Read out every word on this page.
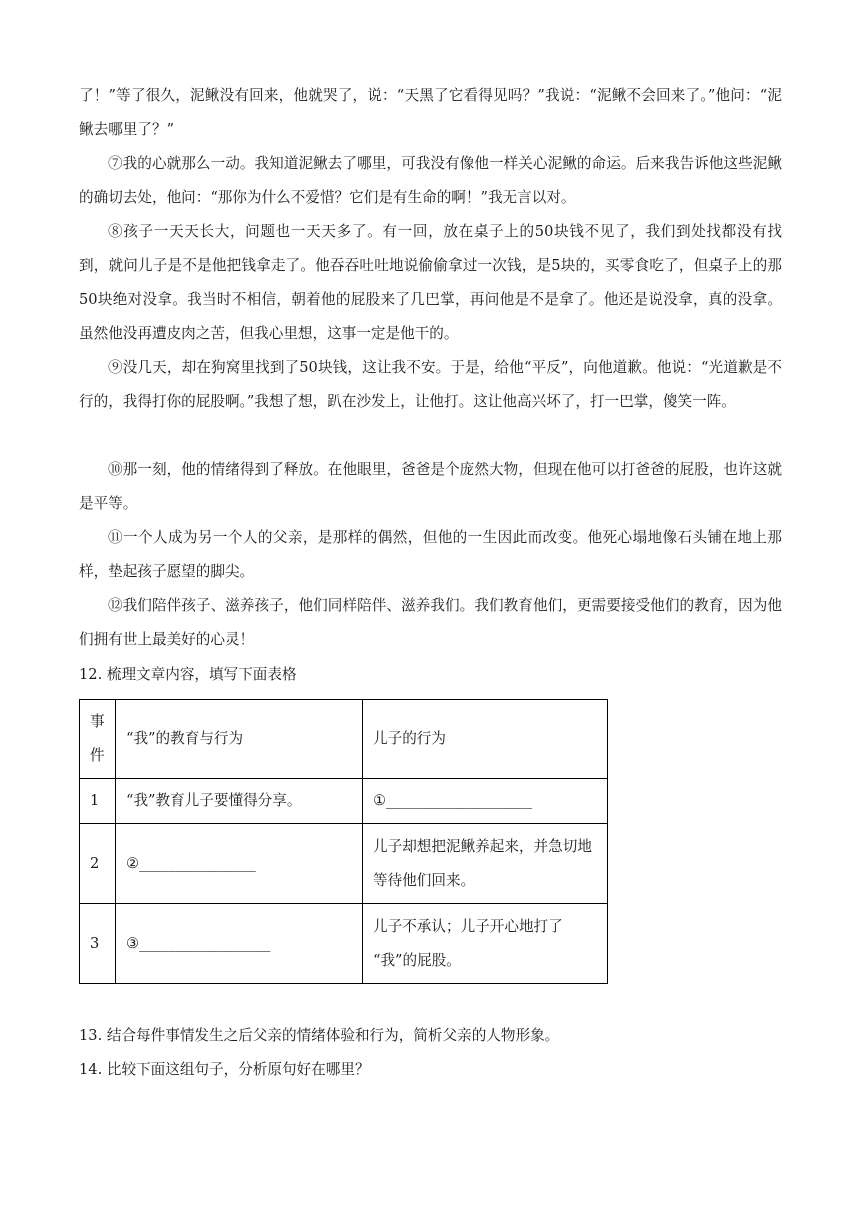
了！”等了很久，泥鳅没有回来，他就哭了，说：“天黑了它看得见吗？”我说：“泥鳅不会回来了。”他问：“泥鳅去哪里了？”

⑦我的心就那么一动。我知道泥鳅去了哪里，可我没有像他一样关心泥鳅的命运。后来我告诉他这些泥鳅的确切去处，他问：“那你为什么不爱惜？它们是有生命的啊！”我无言以对。

⑧孩子一天天长大，问题也一天天多了。有一回，放在桌子上的50块钱不见了，我们到处找都没有找到，就问儿子是不是他把钱拿走了。他吞吞吐吐地说偷偷拿过一次钱，是5块的，买零食吃了，但桌子上的那50块绝对没拿。我当时不相信，朝着他的屁股来了几巴掌，再问他是不是拿了。他还是说没拿，真的没拿。虽然他没再遭皮肉之苦，但我心里想，这事一定是他干的。

⑨没几天，却在狗窝里找到了50块钱，这让我不安。于是，给他“平反”，向他道歉。他说：“光道歉是不行的，我得打你的屁股啊。”我想了想，趴在沙发上，让他打。这让他高兴坏了，打一巴掌，傻笑一阵。

⑩那一刻，他的情绪得到了释放。在他眼里，爸爸是个庞然大物，但现在他可以打爸爸的屁股，也许这就是平等。

⑪一个人成为另一个人的父亲，是那样的偶然，但他的一生因此而改变。他死心塌地像石头铺在地上那样，垫起孩子愿望的脚尖。

⑫我们陪伴孩子、滋养孩子，他们同样陪伴、滋养我们。我们教育他们，更需要接受他们的教育，因为他们拥有世上最美好的心灵！

12. 梳理文章内容，填写下面表格

事
件	“我”的教育与行为	儿子的行为
1	“我”教育儿子要懂得分享。	①____________________
2	②________________	儿子却想把泥鳅养起来，并急切地
等待他们回来。

3	③__________________	儿子不承认；儿子开心地打了
“我”的屁股。

13. 结合每件事情发生之后父亲的情绪体验和行为，简析父亲的人物形象。

14. 比较下面这组句子，分析原句好在哪里？
